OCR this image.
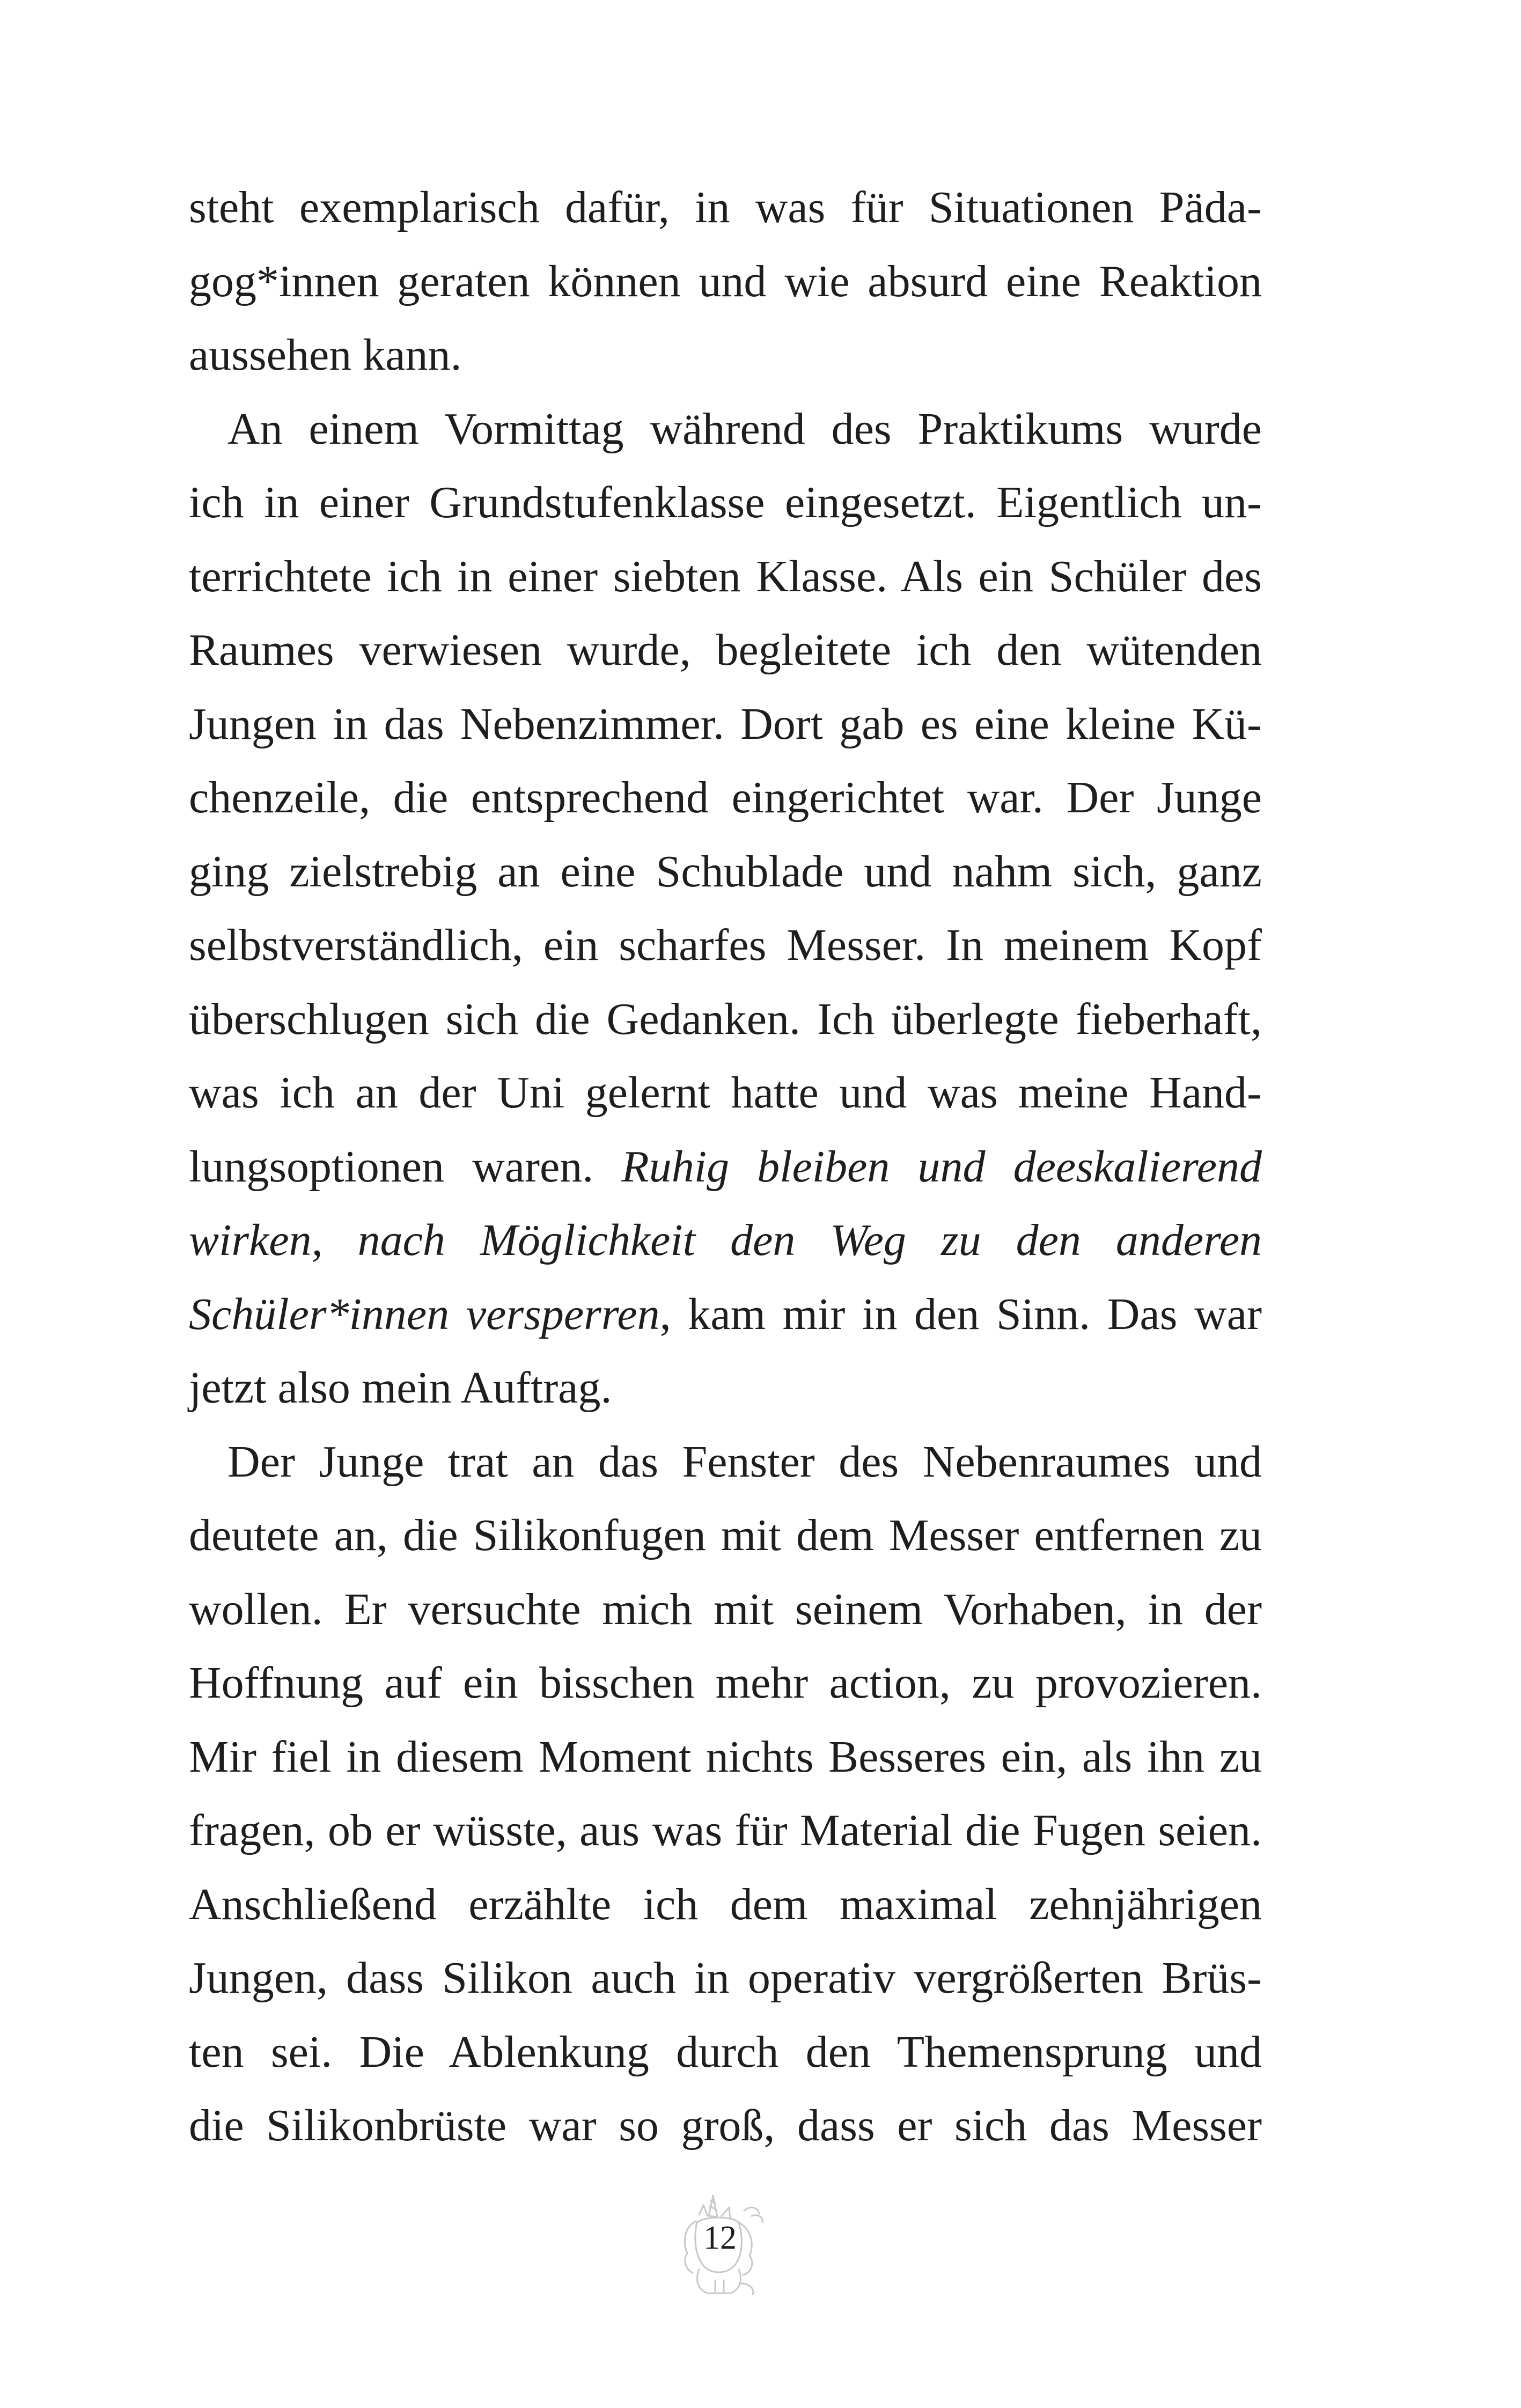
steht exemplarisch dafür, in was für Situationen Päda-
gog*innen geraten können und wie absurd eine Reaktion
aussehen kann.
An einem Vormittag während des Praktikums wurde
ich in einer Grundstufenklasse eingesetzt. Eigentlich un-
terrichtete ich in einer siebten Klasse. Als ein Schüler des
Raumes verwiesen wurde, begleitete ich den wütenden
Jungen in das Nebenzimmer. Dort gab es eine kleine Kü-
chenzeile, die entsprechend eingerichtet war. Der Junge
ging zielstrebig an eine Schublade und nahm sich, ganz
selbstverständlich, ein scharfes Messer. In meinem Kopf
überschlugen sich die Gedanken. Ich überlegte fieberhaft,
was ich an der Uni gelernt hatte und was meine Hand-
lungsoptionen waren. Ruhig bleiben und deeskalierend
wirken, nach Möglichkeit den Weg zu den anderen
Schüler*innen versperren, kam mir in den Sinn. Das war
jetzt also mein Auftrag.
Der Junge trat an das Fenster des Nebenraumes und
deutete an, die Silikonfugen mit dem Messer entfernen zu
wollen. Er versuchte mich mit seinem Vorhaben, in der
Hoffnung auf ein bisschen mehr action, zu provozieren.
Mir fiel in diesem Moment nichts Besseres ein, als ihn zu
fragen, ob er wüsste, aus was für Material die Fugen seien.
Anschließend erzählte ich dem maximal zehnjährigen
Jungen, dass Silikon auch in operativ vergrößerten Brüs-
ten sei. Die Ablenkung durch den Themensprung und
die Silikonbrüste war so groß, dass er sich das Messer
12
